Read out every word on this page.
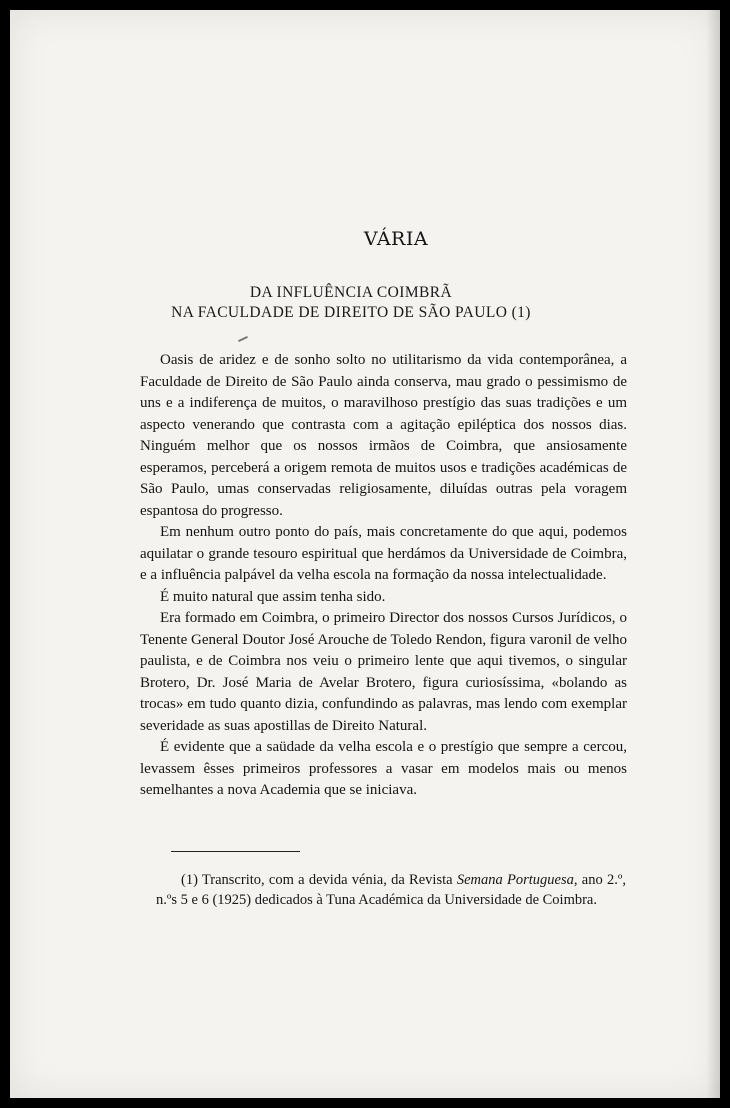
VÁRIA
DA INFLUÊNCIA COIMBRÃ
NA FACULDADE DE DIREITO DE SÃO PAULO (1)

Oasis de aridez e de sonho solto no utilitarismo da vida contemporânea, a Faculdade de Direito de São Paulo ainda conserva, mau grado o pessimismo de uns e a indiferença de muitos, o maravilhoso prestígio das suas tradições e um aspecto venerando que contrasta com a agitação epiléptica dos nossos dias. Ninguém melhor que os nossos irmãos de Coimbra, que ansiosamente esperamos, perceberá a origem remota de muitos usos e tradições académicas de São Paulo, umas conservadas religiosamente, diluídas outras pela voragem espantosa do progresso.

Em nenhum outro ponto do país, mais concretamente do que aqui, podemos aquilatar o grande tesouro espiritual que herdámos da Universidade de Coimbra, e a influência palpável da velha escola na formação da nossa intelectualidade.

É muito natural que assim tenha sido.

Era formado em Coimbra, o primeiro Director dos nossos Cursos Jurídicos, o Tenente General Doutor José Arouche de Toledo Rendon, figura varonil de velho paulista, e de Coimbra nos veiu o primeiro lente que aqui tivemos, o singular Brotero, Dr. José Maria de Avelar Brotero, figura curiosíssima, «bolando as trocas» em tudo quanto dizia, confundindo as palavras, mas lendo com exemplar severidade as suas apostillas de Direito Natural.

É evidente que a saüdade da velha escola e o prestígio que sempre a cercou, levassem êsses primeiros professores a vasar em modelos mais ou menos semelhantes a nova Academia que se iniciava.

(1) Transcrito, com a devida vénia, da Revista Semana Portuguesa, ano 2.º, n.ºs 5 e 6 (1925) dedicados à Tuna Académica da Universidade de Coimbra.
